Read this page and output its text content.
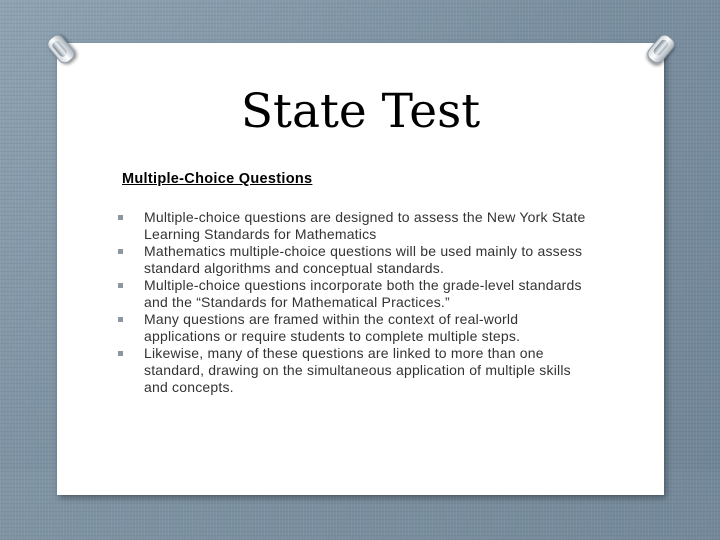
State Test
Multiple-Choice Questions
Multiple-choice questions are designed to assess the New York State Learning Standards for Mathematics
Mathematics multiple-choice questions will be used mainly to assess standard algorithms and conceptual standards.
Multiple-choice questions incorporate both the grade-level standards and the “Standards for Mathematical Practices.”
Many questions are framed within the context of real-world applications or require students to complete multiple steps.
Likewise, many of these questions are linked to more than one standard, drawing on the simultaneous application of multiple skills and concepts.
